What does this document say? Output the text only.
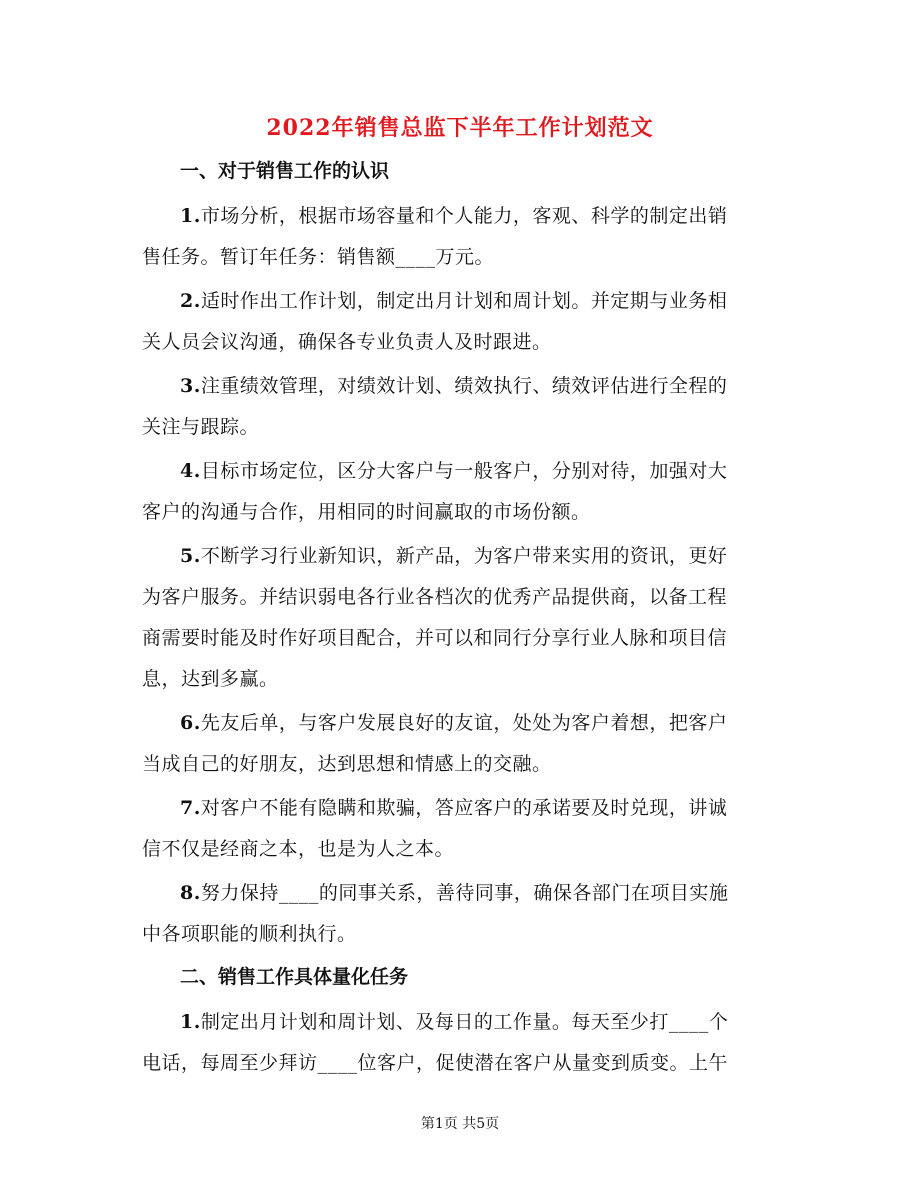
2022年销售总监下半年工作计划范文
一、对于销售工作的认识
1.市场分析，根据市场容量和个人能力，客观、科学的制定出销
售任务。暂订年任务：销售额____万元。
2.适时作出工作计划，制定出月计划和周计划。并定期与业务相
关人员会议沟通，确保各专业负责人及时跟进。
3.注重绩效管理，对绩效计划、绩效执行、绩效评估进行全程的
关注与跟踪。
4.目标市场定位，区分大客户与一般客户，分别对待，加强对大
客户的沟通与合作，用相同的时间赢取的市场份额。
5.不断学习行业新知识，新产品，为客户带来实用的资讯，更好
为客户服务。并结识弱电各行业各档次的优秀产品提供商，以备工程
商需要时能及时作好项目配合，并可以和同行分享行业人脉和项目信
息，达到多赢。
6.先友后单，与客户发展良好的友谊，处处为客户着想，把客户
当成自己的好朋友，达到思想和情感上的交融。
7.对客户不能有隐瞒和欺骗，答应客户的承诺要及时兑现，讲诚
信不仅是经商之本，也是为人之本。
8.努力保持____的同事关系，善待同事，确保各部门在项目实施
中各项职能的顺利执行。
二、销售工作具体量化任务
1.制定出月计划和周计划、及每日的工作量。每天至少打____个
电话，每周至少拜访____位客户，促使潜在客户从量变到质变。上午
第1页 共5页
